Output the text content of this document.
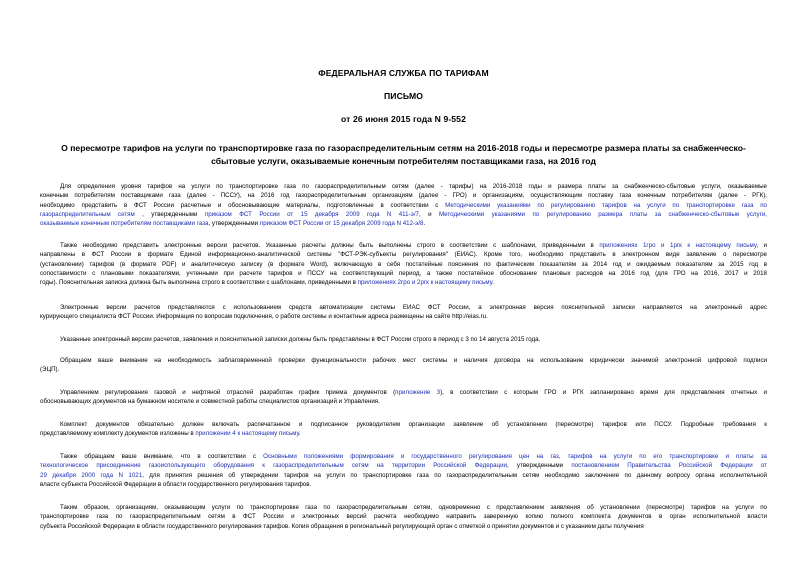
ФЕДЕРАЛЬНАЯ СЛУЖБА ПО ТАРИФАМ
ПИСЬМО
от 26 июня 2015 года N 9-552
О пересмотре тарифов на услуги по транспортировке газа по газораспределительным сетям на 2016-2018 годы и пересмотре размера платы за снабженческо-
сбытовые услуги, оказываемые конечным потребителям поставщиками газа, на 2016 год
Для определения уровня тарифов на услуги по транспортировке газа по газораспределительным сетям (далее - тарифы) на 2016-2018 годы и размера платы за снабженческо-сбытовые услуги, оказываемые
конечным потребителям поставщиками газа (далее - ПССУ), на 2016 год газораспределительным организациям (далее - ГРО) и организациям, осуществляющим поставку газа конечным потребителям (далее - РГК),
необходимо представить в ФСТ России расчетные и обосновывающие материалы, подготовленные в соответствии с Методическими указаниями по регулированию тарифов на услуги по транспортировке газа по
газораспределительным сетям , утвержденными приказом ФСТ России от 15 декабря 2009 года N 411-э/7, и Методическими указаниями по регулированию размера платы за снабженческо-сбытовые услуги,
оказываемые конечным потребителям поставщиками газа, утвержденными приказом ФСТ России от 15 декабря 2009 года N 412-э/8.
Также необходимо представить электронные версии расчетов. Указанные расчеты должны быть выполнены строго в соответствии с шаблонами, приведенными в приложениях 1гро и 1ргк к настоящему письму, и
направлены в ФСТ России в формате Единой информационно-аналитической системы "ФСТ-РЭК-субъекты регулирования" (ЕИАС). Кроме того, необходимо представить в электронном виде заявление о пересмотре
(установлении) тарифов (в формате PDF) и аналитическую записку (в формате Word), включающую в себя постатейные пояснения по фактическим показателям за 2014 год и ожидаемым показателям за 2015 год в
сопоставимости с плановыми показателями, учтенными при расчете тарифов и ПССУ на соответствующий период, а также постатейное обоснование плановых расходов на 2016 год (для ГРО на 2016, 2017 и 2018
годы). Пояснительная записка должна быть выполнена строго в соответствии с шаблонами, приведенными в приложениях 2гро и 2ргк к настоящему письму.
Электронные версии расчетов представляются с использованием средств автоматизации системы ЕИАС ФСТ России, а электронная версия пояснительной записки направляется на электронный адрес
курирующего специалиста ФСТ России. Информация по вопросам подключения, о работе системы и контактные адреса размещены на сайте http://eias.ru.
Указанные электронный версии расчетов, заявления и пояснительной записки должны быть представлены в ФСТ России строго в период с 3 по 14 августа 2015 года.
Обращаем ваше внимание на необходимость заблаговременной проверки функциональности рабочих мест системы и наличия договора на использование юридически значимой электронной цифровой подписи
(ЭЦП).
Управлением регулирования газовой и нефтяной отраслей разработан график приема документов (приложение 3), в соответствии с которым ГРО и РГК запланировано время для представления отчетных и
обосновывающих документов на бумажном носителе и совместной работы специалистов организаций и Управления.
Комплект документов обязательно должен включать распечатанное и подписанное руководителем организации заявление об установлении (пересмотре) тарифов или ПССУ. Подробные требования к
представляемому комплекту документов изложены в приложении 4 к настоящему письму.
Также обращаем ваше внимание, что в соответствии с Основными положениями формирования и государственного регулирования цен на газ, тарифов на услуги по его транспортировке и платы за
технологическое присоединение газоиспользующего оборудования к газораспределительным сетям на территории Российской Федерации, утвержденными постановлением Правительства Российской Федерации от
29 декабря 2000 года N 1021, для принятия решения об утверждении тарифов на услуги по транспортировке газа по газораспределительным сетям необходимо заключение по данному вопросу органа исполнительной
власти субъекта Российской Федерации в области государственного регулирования тарифов.
Таким образом, организациям, оказывающим услуги по транспортировке газа по газораспределительным сетям, одновременно с представлением заявления об установлении (пересмотре) тарифов на услуги по
транспортировке газа по газораспределительным сетям в ФСТ России и электронных версий расчета необходимо направить заверенную копию полного комплекта документов в орган исполнительной власти
субъекта Российской Федерации в области государственного регулирования тарифов. Копия обращения в региональный регулирующий орган с отметкой о принятии документов и с указанием даты получения
